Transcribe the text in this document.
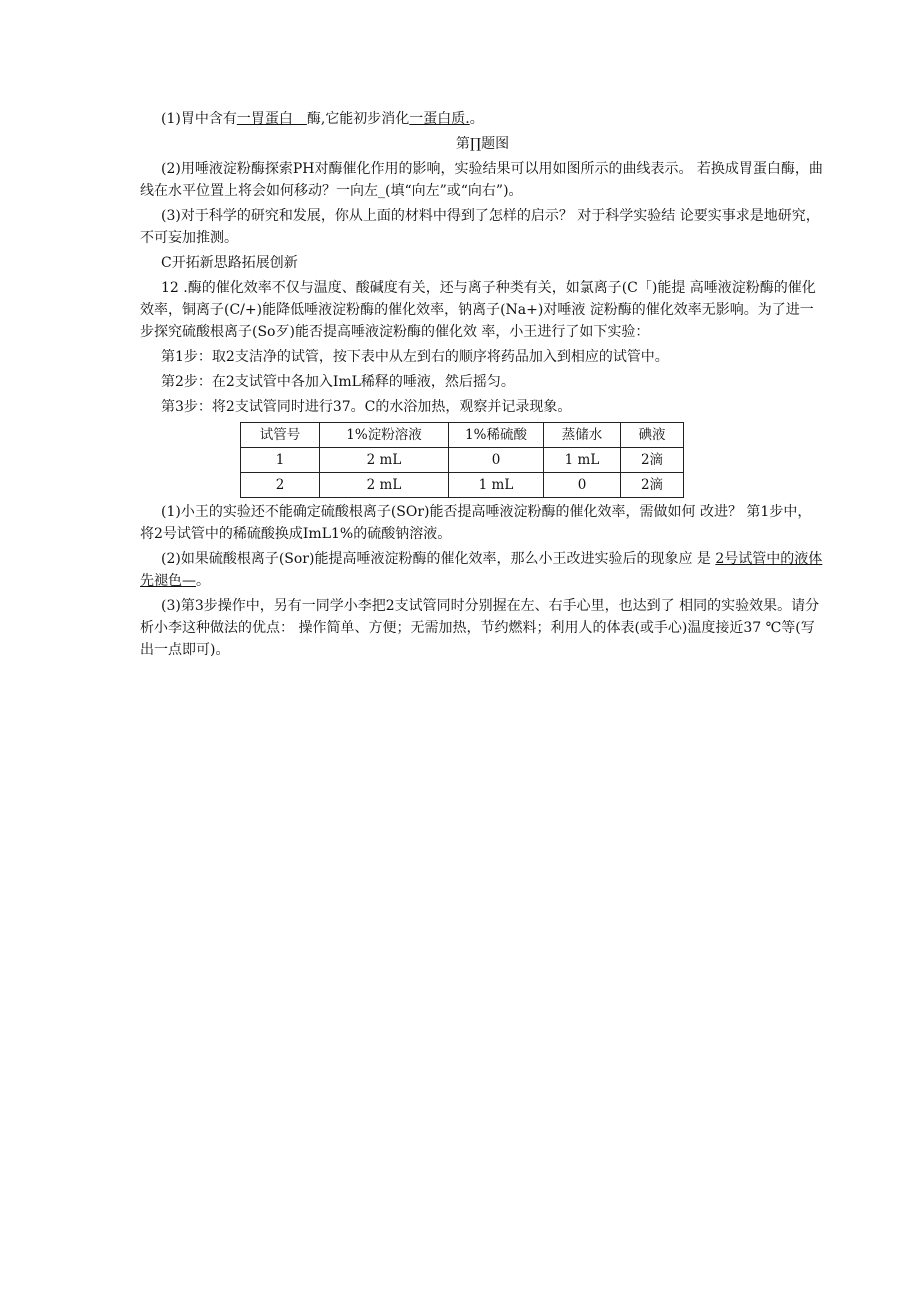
(1)胃中含有一胃蛋白＿酶,它能初步消化一蛋白质.。

第∏题图

(2)用唾液淀粉酶探索PH对酶催化作用的影响，实验结果可以用如图所示的曲线表示。 若换成胃蛋白酶，曲线在水平位置上将会如何移动？一向左_(填“向左”或“向右”)。

(3)对于科学的研究和发展，你从上面的材料中得到了怎样的启示？ 对于科学实验结 论要实事求是地研究，不可妄加推测。

C开拓新思路拓展创新

12 .酶的催化效率不仅与温度、酸碱度有关，还与离子种类有关，如氯离子(C「)能提 高唾液淀粉酶的催化效率，铜离子(C/+)能降低唾液淀粉酶的催化效率，钠离子(Na+)对唾液 淀粉酶的催化效率无影响。为了进一步探究硫酸根离子(So歹)能否提高唾液淀粉酶的催化效 率，小王进行了如下实验：

第1步：取2支洁净的试管，按下表中从左到右的顺序将药品加入到相应的试管中。

第2步：在2支试管中各加入ImL稀释的唾液，然后摇匀。

第3步：将2支试管同时进行37。C的水浴加热，观察并记录现象。

试管号	1%淀粉溶液	1%稀硫酸	蒸储水	碘液
1	2 mL	0	1 mL	2滴
2	2 mL	1 mL	0	2滴

(1)小王的实验还不能确定硫酸根离子(SOr)能否提高唾液淀粉酶的催化效率，需做如何 改进？ 第1步中，将2号试管中的稀硫酸换成ImL1%的硫酸钠溶液。

(2)如果硫酸根离子(Sor)能提高唾液淀粉酶的催化效率，那么小王改进实验后的现象应 是 2号试管中的液体先褪色—。

(3)第3步操作中，另有一同学小李把2支试管同时分别握在左、右手心里，也达到了 相同的实验效果。请分析小李这种做法的优点： 操作简单、方便；无需加热，节约燃料；利用人的体表(或手心)温度接近37 ℃等(写出一点即可)。
